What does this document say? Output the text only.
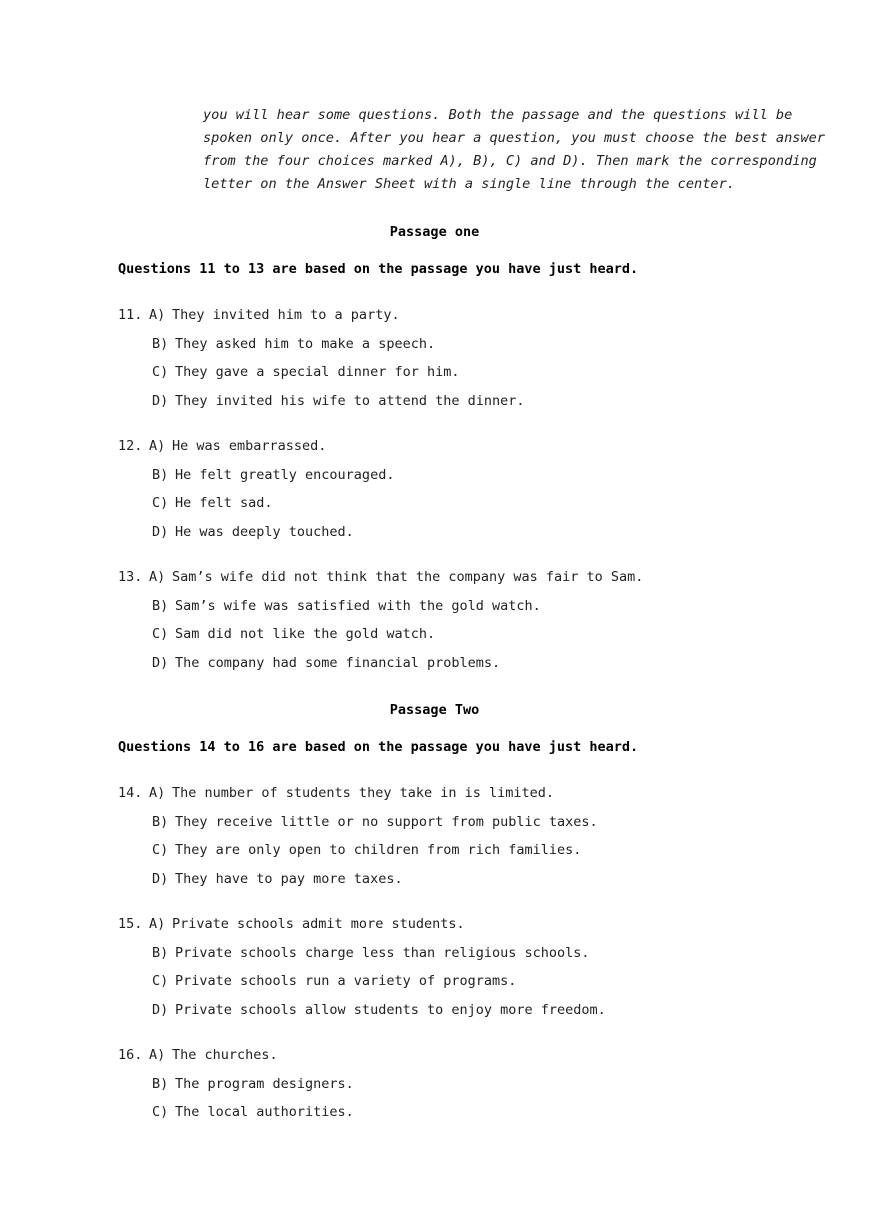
you will hear some questions. Both the passage and the questions will be
spoken only once. After you hear a question, you must choose the best answer
from the four choices marked A), B), C) and D). Then mark the corresponding
letter on the Answer Sheet with a single line through the center.
Passage one
Questions 11 to 13 are based on the passage you have just heard.
11. A) They invited him to a party.
B) They asked him to make a speech.
C) They gave a special dinner for him.
D) They invited his wife to attend the dinner.
12. A) He was embarrassed.
B) He felt greatly encouraged.
C) He felt sad.
D) He was deeply touched.
13. A) Sam’s wife did not think that the company was fair to Sam.
B) Sam’s wife was satisfied with the gold watch.
C) Sam did not like the gold watch.
D) The company had some financial problems.
Passage Two
Questions 14 to 16 are based on the passage you have just heard.
14. A) The number of students they take in is limited.
B) They receive little or no support from public taxes.
C) They are only open to children from rich families.
D) They have to pay more taxes.
15. A) Private schools admit more students.
B) Private schools charge less than religious schools.
C) Private schools run a variety of programs.
D) Private schools allow students to enjoy more freedom.
16. A) The churches.
B) The program designers.
C) The local authorities.
